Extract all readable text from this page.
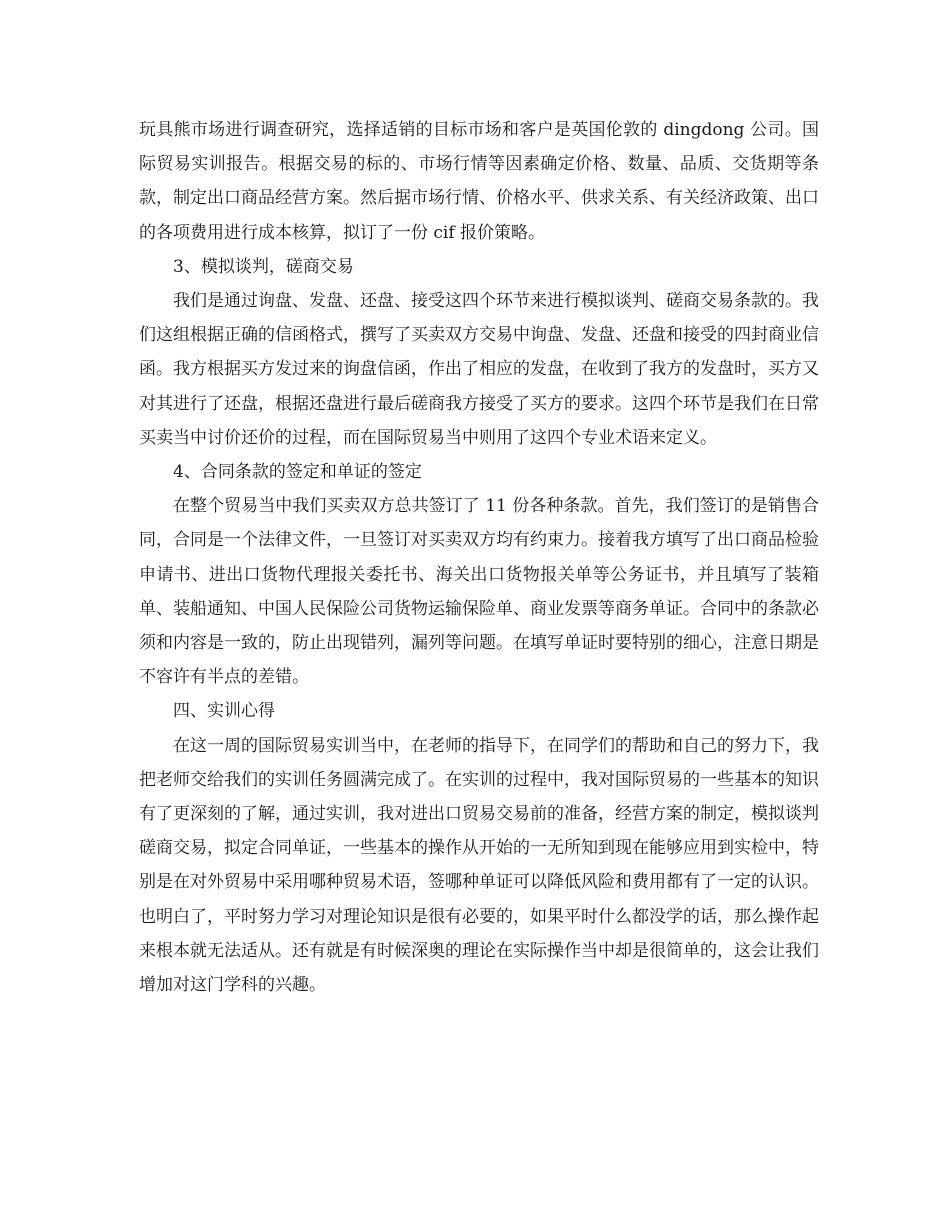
玩具熊市场进行调查研究，选择适销的目标市场和客户是英国伦敦的 dingdong 公司。国际贸易实训报告。根据交易的标的、市场行情等因素确定价格、数量、品质、交货期等条款，制定出口商品经营方案。然后据市场行情、价格水平、供求关系、有关经济政策、出口的各项费用进行成本核算，拟订了一份 cif 报价策略。

3、模拟谈判，磋商交易

我们是通过询盘、发盘、还盘、接受这四个环节来进行模拟谈判、磋商交易条款的。我们这组根据正确的信函格式，撰写了买卖双方交易中询盘、发盘、还盘和接受的四封商业信函。我方根据买方发过来的询盘信函，作出了相应的发盘，在收到了我方的发盘时，买方又对其进行了还盘，根据还盘进行最后磋商我方接受了买方的要求。这四个环节是我们在日常买卖当中讨价还价的过程，而在国际贸易当中则用了这四个专业术语来定义。

4、合同条款的签定和单证的签定

在整个贸易当中我们买卖双方总共签订了 11 份各种条款。首先，我们签订的是销售合同，合同是一个法律文件，一旦签订对买卖双方均有约束力。接着我方填写了出口商品检验申请书、进出口货物代理报关委托书、海关出口货物报关单等公务证书，并且填写了装箱单、装船通知、中国人民保险公司货物运输保险单、商业发票等商务单证。合同中的条款必须和内容是一致的，防止出现错列，漏列等问题。在填写单证时要特别的细心，注意日期是不容许有半点的差错。

四、实训心得

在这一周的国际贸易实训当中，在老师的指导下，在同学们的帮助和自己的努力下，我把老师交给我们的实训任务圆满完成了。在实训的过程中，我对国际贸易的一些基本的知识有了更深刻的了解，通过实训，我对进出口贸易交易前的准备，经营方案的制定，模拟谈判磋商交易，拟定合同单证，一些基本的操作从开始的一无所知到现在能够应用到实检中，特别是在对外贸易中采用哪种贸易术语，签哪种单证可以降低风险和费用都有了一定的认识。也明白了，平时努力学习对理论知识是很有必要的，如果平时什么都没学的话，那么操作起来根本就无法适从。还有就是有时候深奥的理论在实际操作当中却是很简单的，这会让我们增加对这门学科的兴趣。
